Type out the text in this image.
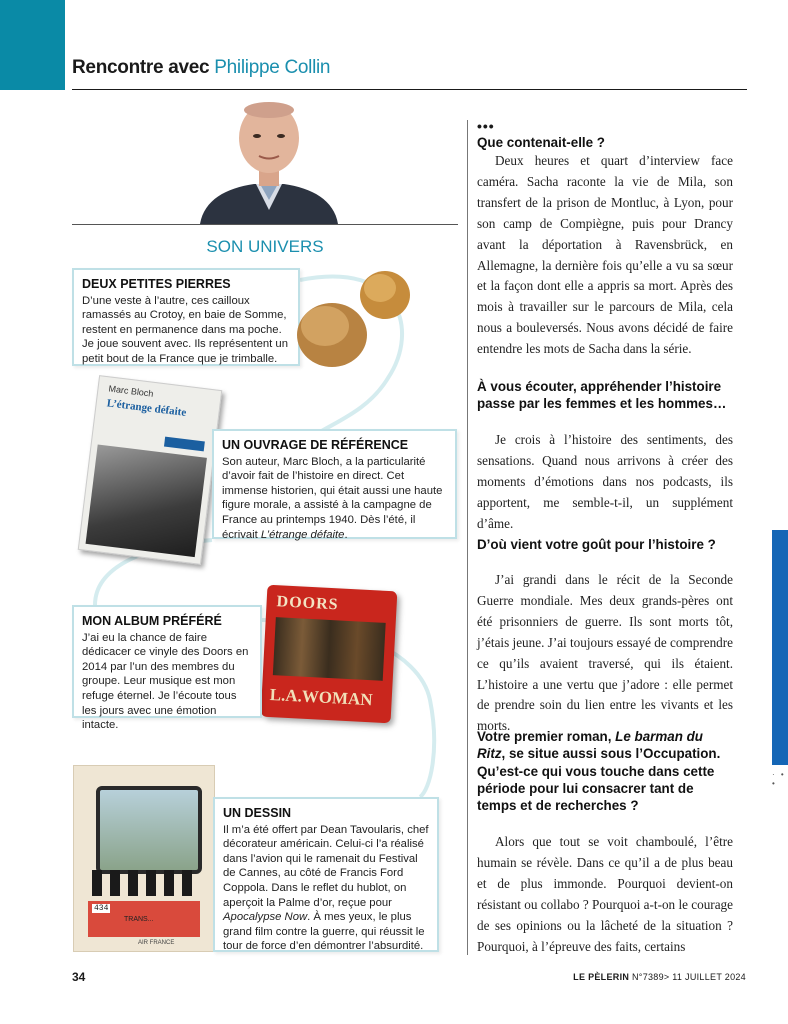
Rencontre avec Philippe Collin
· • •
SON UNIVERS
DEUX PETITES PIERRES

D’une veste à l’autre, ces cailloux ramassés au Crotoy, en baie de Somme, restent en permanence dans ma poche. Je joue souvent avec. Ils représentent un petit bout de la France que je trimballe.

Marc Bloch
L’étrange défaite
UN OUVRAGE DE RÉFÉRENCE

Son auteur, Marc Bloch, a la particularité d’avoir fait de l’histoire en direct. Cet immense historien, qui était aussi une haute figure morale, a assisté à la campagne de France au printemps 1940. Dès l’été, il écrivait L’étrange défaite.

DOORS
L.A.WOMAN
MON ALBUM PRÉFÉRÉ

J’ai eu la chance de faire dédicacer ce vinyle des Doors en 2014 par l’un des membres du groupe. Leur musique est mon refuge éternel. Je l’écoute tous les jours avec une émotion intacte.

434
TRANS...
AIR FRANCE
UN DESSIN

Il m’a été offert par Dean Tavoularis, chef décorateur américain. Celui-ci l’a réalisé dans l’avion qui le ramenait du Festival de Cannes, au côté de Francis Ford Coppola. Dans le reflet du hublot, on aperçoit la Palme d’or, reçue pour Apocalypse Now. À mes yeux, le plus grand film contre la guerre, qui réussit le tour de force d’en démontrer l’absurdité.

•••
Que contenait-elle ?

Deux heures et quart d’interview face caméra. Sacha raconte la vie de Mila, son transfert de la prison de Montluc, à Lyon, pour son camp de Compiègne, puis pour Drancy avant la déportation à Ravensbrück, en Allemagne, la dernière fois qu’elle a vu sa sœur et la façon dont elle a appris sa mort. Après des mois à travailler sur le parcours de Mila, cela nous a bouleversés. Nous avons décidé de faire entendre les mots de Sacha dans la série.

À vous écouter, appréhender l’histoire passe par les femmes et les hommes…

Je crois à l’histoire des sentiments, des sensations. Quand nous arrivons à créer des moments d’émotions dans nos podcasts, ils apportent, me semble-t-il, un supplément d’âme.

D’où vient votre goût pour l’histoire ?

J’ai grandi dans le récit de la Seconde Guerre mondiale. Mes deux grands-pères ont été prisonniers de guerre. Ils sont morts tôt, j’étais jeune. J’ai toujours essayé de comprendre ce qu’ils avaient traversé, qui ils étaient. L’histoire a une vertu que j’adore : elle permet de prendre soin du lien entre les vivants et les morts.

Votre premier roman, Le barman du Ritz, se situe aussi sous l’Occupation. Qu’est-ce qui vous touche dans cette période pour lui consacrer tant de temps et de recherches ?

Alors que tout se voit chamboulé, l’être humain se révèle. Dans ce qu’il a de plus beau et de plus immonde. Pourquoi devient-on résistant ou collabo ? Pourquoi a-t-on le courage de ses opinions ou la lâcheté de la situation ? Pourquoi, à l’épreuve des faits, certains

34	LE PÈLERIN N°7389> 11 JUILLET 2024
